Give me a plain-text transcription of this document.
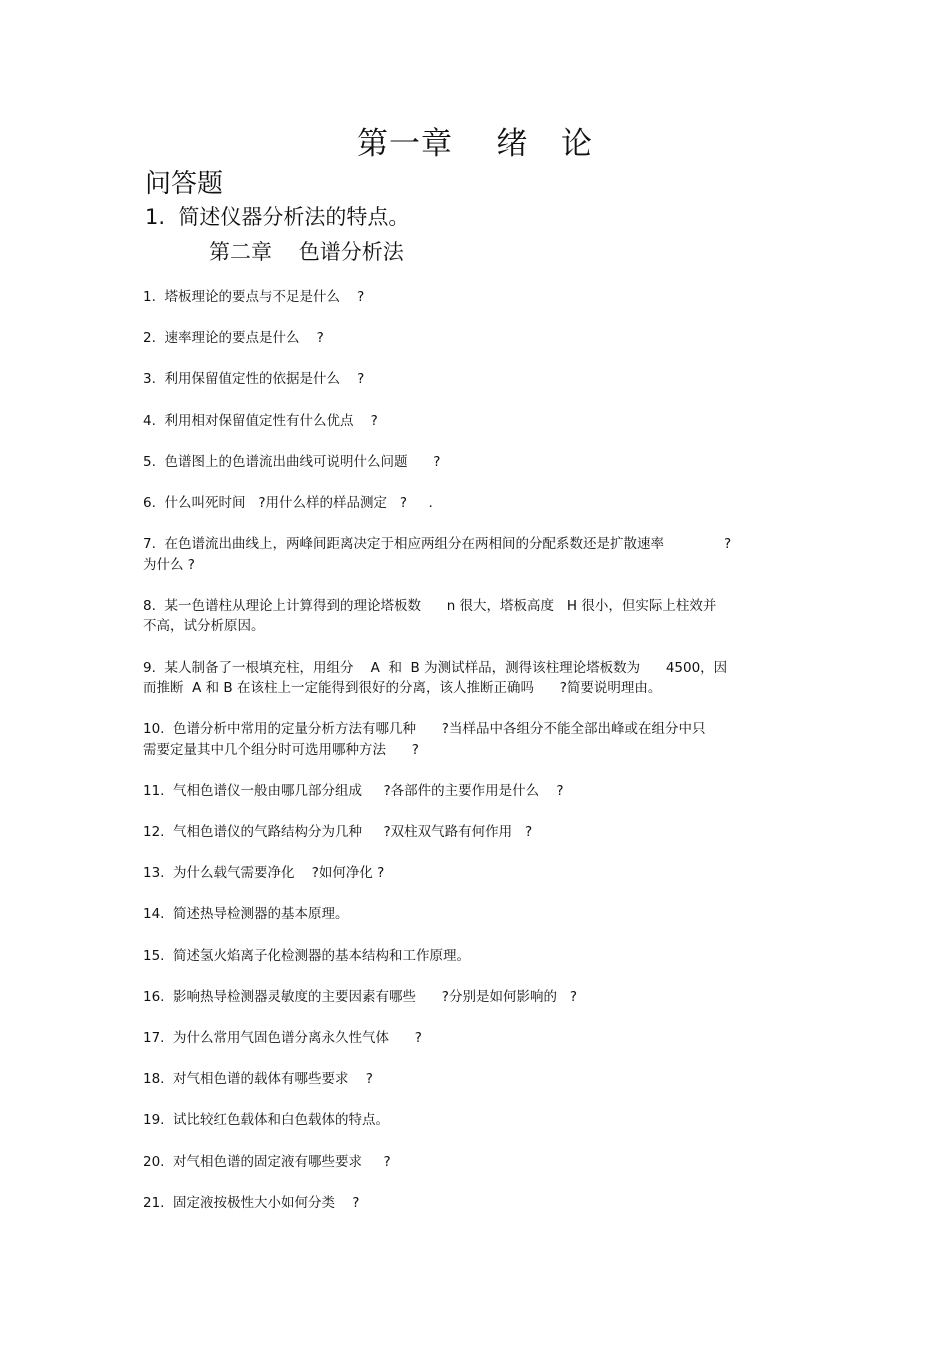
第一章    绪   论
问答题
1.  简述仪器分析法的特点。
第二章    色谱分析法
1.  塔板理论的要点与不足是什么    ?
2.  速率理论的要点是什么    ?
3.  利用保留值定性的依据是什么    ?
4.  利用相对保留值定性有什么优点    ?
5.  色谱图上的色谱流出曲线可说明什么问题      ?
6.  什么叫死时间   ?用什么样的样品测定   ?     .
7.  在色谱流出曲线上，两峰间距离决定于相应两组分在两相间的分配系数还是扩散速率              ?
为什么 ?
8.  某一色谱柱从理论上计算得到的理论塔板数      n 很大，塔板高度   H 很小，但实际上柱效并
不高，试分析原因。
9.  某人制备了一根填充柱，用组分    A  和  B 为测试样品，测得该柱理论塔板数为      4500，因
而推断  A 和 B 在该柱上一定能得到很好的分离，该人推断正确吗      ?简要说明理由。
10.  色谱分析中常用的定量分析方法有哪几种      ?当样品中各组分不能全部出峰或在组分中只
需要定量其中几个组分时可选用哪种方法      ?
11.  气相色谱仪一般由哪几部分组成     ?各部件的主要作用是什么    ?
12.  气相色谱仪的气路结构分为几种     ?双柱双气路有何作用   ?
13.  为什么载气需要净化    ?如何净化 ?
14.  简述热导检测器的基本原理。
15.  简述氢火焰离子化检测器的基本结构和工作原理。
16.  影响热导检测器灵敏度的主要因素有哪些      ?分别是如何影响的   ?
17.  为什么常用气固色谱分离永久性气体      ?
18.  对气相色谱的载体有哪些要求    ?
19.  试比较红色载体和白色载体的特点。
20.  对气相色谱的固定液有哪些要求     ?
21.  固定液按极性大小如何分类    ?
